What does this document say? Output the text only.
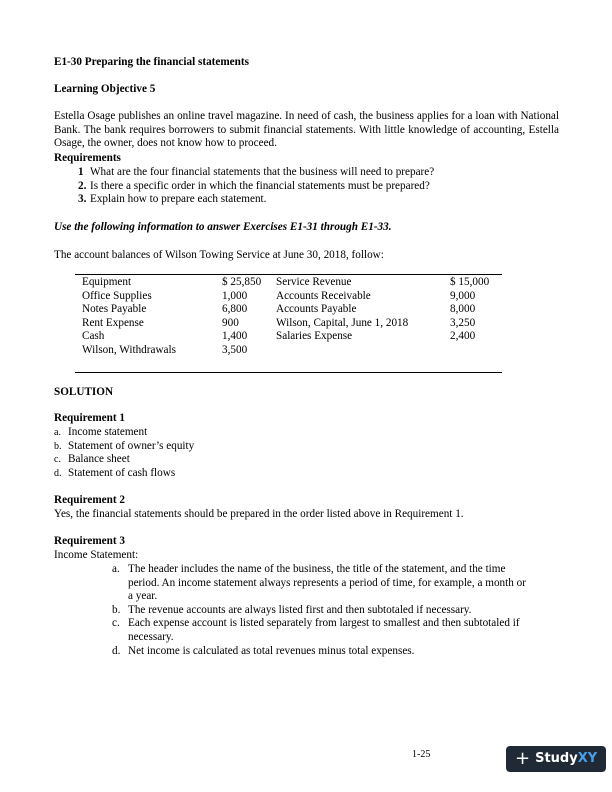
E1-30 Preparing the financial statements
Learning Objective 5
Estella Osage publishes an online travel magazine. In need of cash, the business applies for a loan with National Bank. The bank requires borrowers to submit financial statements. With little knowledge of accounting, Estella Osage, the owner, does not know how to proceed.
Requirements
1 What are the four financial statements that the business will need to prepare?
2. Is there a specific order in which the financial statements must be prepared?
3. Explain how to prepare each statement.
Use the following information to answer Exercises E1-31 through E1-33.
The account balances of Wilson Towing Service at June 30, 2018, follow:
Equipment	$ 25,850	Service Revenue	$ 15,000
Office Supplies	1,000	Accounts Receivable	9,000
Notes Payable	6,800	Accounts Payable	8,000
Rent Expense	900	Wilson, Capital, June 1, 2018	3,250
Cash	1,400	Salaries Expense	2,400
Wilson, Withdrawals	3,500		
SOLUTION
Requirement 1
a. Income statement
b. Statement of owner’s equity
c. Balance sheet
d. Statement of cash flows
Requirement 2
Yes, the financial statements should be prepared in the order listed above in Requirement 1.
Requirement 3
Income Statement:
a. The header includes the name of the business, the title of the statement, and the time period. An income statement always represents a period of time, for example, a month or a year.
b. The revenue accounts are always listed first and then subtotaled if necessary.
c. Each expense account is listed separately from largest to smallest and then subtotaled if necessary.
d. Net income is calculated as total revenues minus total expenses.
1-25	+ StudyXY
